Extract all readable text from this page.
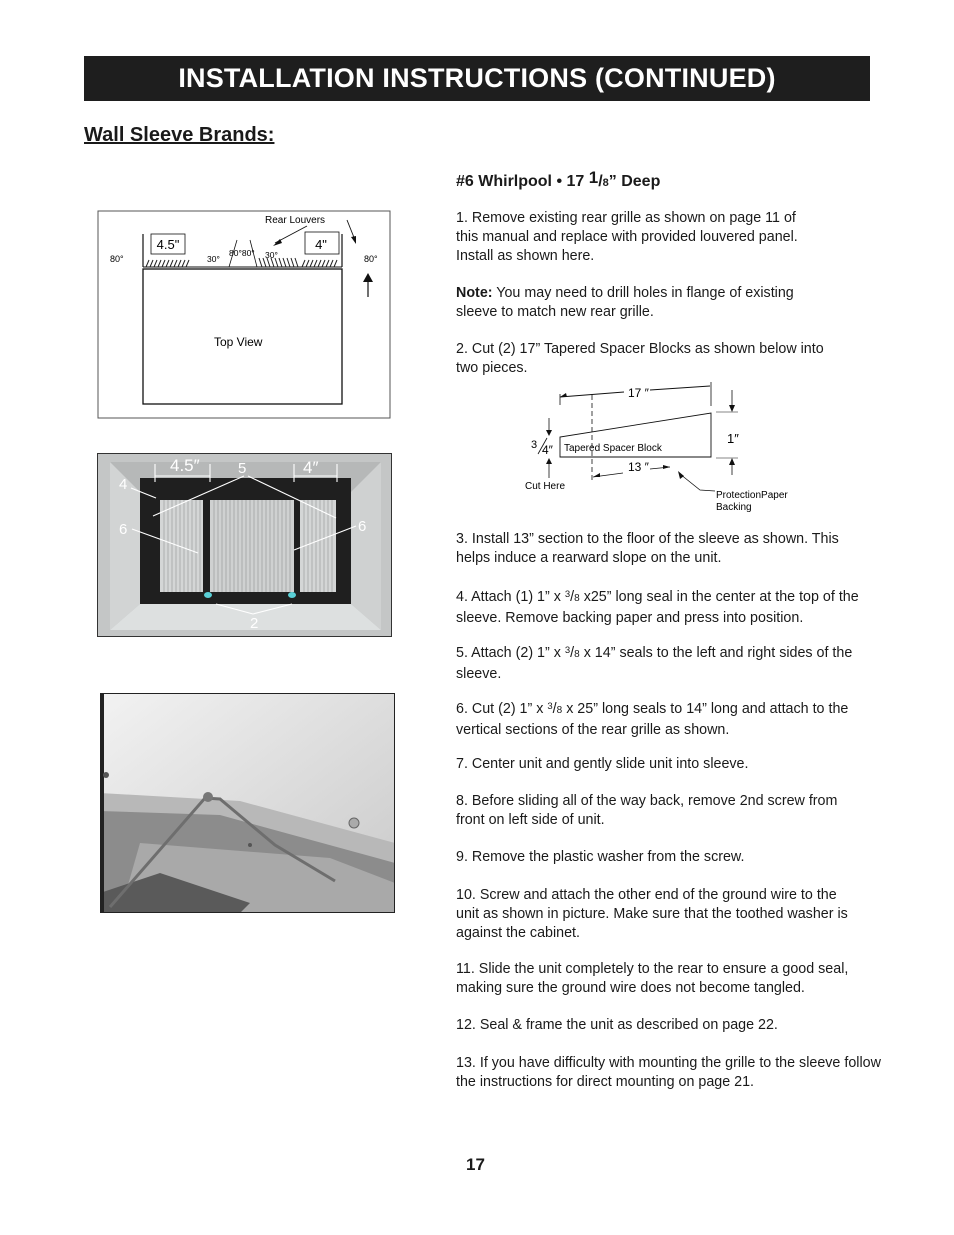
INSTALLATION INSTRUCTIONS (CONTINUED)
Wall Sleeve Brands:
#6 Whirlpool • 17 1/8” Deep
4.5"	4"
Rear Louvers
80°	80°
30°	30°
80°80°
Top View
4.5″	4″
4
5
6	6
2
17 ″
Tapered Spacer Block
3 4″
1″
13 ″
Cut Here
ProtectionPaper
Backing
1. Remove existing rear grille as shown on page 11 of this manual and replace with provided louvered panel. Install as shown here.
Note: You may need to drill holes in flange of existing sleeve to match new rear grille.
2. Cut (2) 17” Tapered Spacer Blocks as shown below into two pieces.
3. Install 13” section to the floor of the sleeve as shown. This helps induce a rearward slope on the unit.
4. Attach (1) 1” x $^3$/8 x25” long seal in the center at the top of the sleeve. Remove backing paper and press into position.
5. Attach (2) 1” x $^3$/8 x 14” seals to the left and right sides of the sleeve.
6. Cut (2) 1” x $^3$/8 x 25” long seals to 14” long and attach to the vertical sections of the rear grille as shown.
7. Center unit and gently slide unit into sleeve.
8. Before sliding all of the way back, remove 2nd screw from front on left side of unit.
9. Remove the plastic washer from the screw.
10. Screw and attach the other end of the ground wire to the unit as shown in picture. Make sure that the toothed washer is against the cabinet.
11. Slide the unit completely to the rear to ensure a good seal, making sure the ground wire does not become tangled.
12. Seal & frame the unit as described on page 22.
13. If you have difficulty with mounting the grille to the sleeve follow the instructions for direct mounting on page 21.
17
